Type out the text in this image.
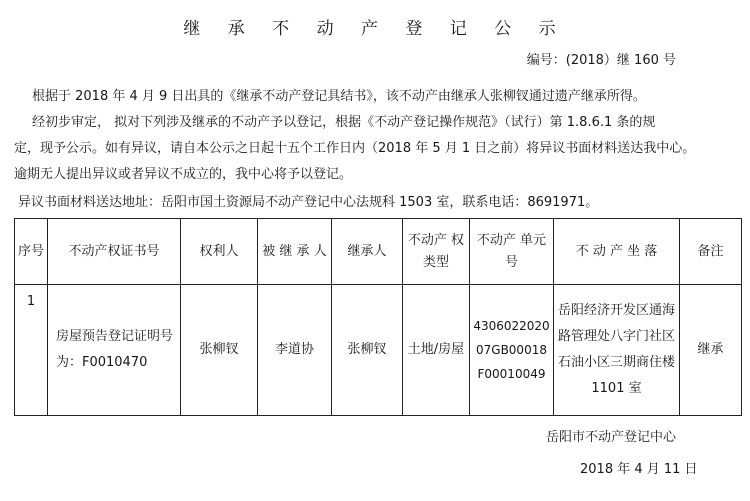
继 承 不 动 产 登 记 公 示
编号：(2018）继 160 号
根据于 2018 年 4 月 9 日出具的《继承不动产登记具结书》，该不动产由继承人张柳钗通过遗产继承所得。
经初步审定， 拟对下列涉及继承的不动产予以登记，根据《不动产登记操作规范》（试行）第 1.8.6.1 条的规
定，现予公示。如有异议，请自本公示之日起十五个工作日内（2018 年 5 月 1 日之前）将异议书面材料送达我中心。
逾期无人提出异议或者异议不成立的，我中心将予以登记。
异议书面材料送达地址：岳阳市国土资源局不动产登记中心法规科 1503 室，联系电话：8691971。
序号	不动产权证书号	权利人	被 继 承 人	继承人	不动产 权类型	不动产 单元号	不 动 产 坐 落	备注
1	房屋预告登记证明号为：F0010470	张柳钗	李道协	张柳钗	土地/房屋	430602202007GB00018F00010049	岳阳经济开发区通海路管理处八字门社区石油小区三期商住楼 1101 室	继承
岳阳市不动产登记中心
2018 年 4 月 11 日
